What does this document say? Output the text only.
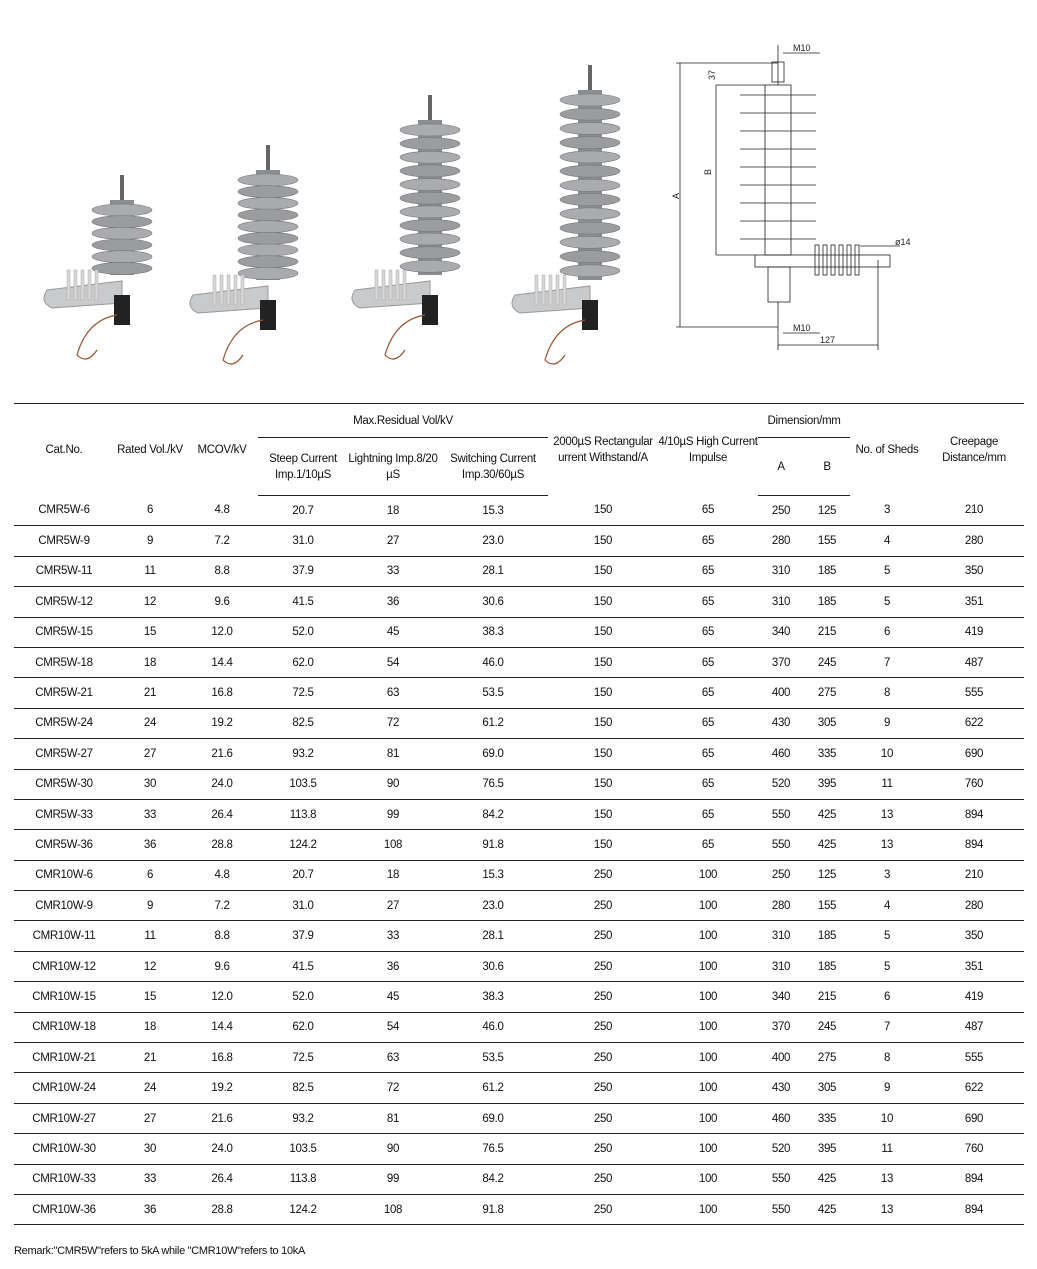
M10
37
B
A
ø14
M10
127
Cat.No.	Rated Vol./kV	MCOV/kV	Max.Residual Vol/kV			2000µS Rectangular urrent Withstand/A	4/10µS High Current Impulse	Dimension/mm		No. of Sheds	Creepage Distance/mm
			Steep Current Imp.1/10µS	Lightning Imp.8/20 µS	Switching Current Imp.30/60µS			A	B		
CMR5W-6	6	4.8	20.7	18	15.3	150	65	250	125	3	210
CMR5W-9	9	7.2	31.0	27	23.0	150	65	280	155	4	280
CMR5W-11	11	8.8	37.9	33	28.1	150	65	310	185	5	350
CMR5W-12	12	9.6	41.5	36	30.6	150	65	310	185	5	351
CMR5W-15	15	12.0	52.0	45	38.3	150	65	340	215	6	419
CMR5W-18	18	14.4	62.0	54	46.0	150	65	370	245	7	487
CMR5W-21	21	16.8	72.5	63	53.5	150	65	400	275	8	555
CMR5W-24	24	19.2	82.5	72	61.2	150	65	430	305	9	622
CMR5W-27	27	21.6	93.2	81	69.0	150	65	460	335	10	690
CMR5W-30	30	24.0	103.5	90	76.5	150	65	520	395	11	760
CMR5W-33	33	26.4	113.8	99	84.2	150	65	550	425	13	894
CMR5W-36	36	28.8	124.2	108	91.8	150	65	550	425	13	894
CMR10W-6	6	4.8	20.7	18	15.3	250	100	250	125	3	210
CMR10W-9	9	7.2	31.0	27	23.0	250	100	280	155	4	280
CMR10W-11	11	8.8	37.9	33	28.1	250	100	310	185	5	350
CMR10W-12	12	9.6	41.5	36	30.6	250	100	310	185	5	351
CMR10W-15	15	12.0	52.0	45	38.3	250	100	340	215	6	419
CMR10W-18	18	14.4	62.0	54	46.0	250	100	370	245	7	487
CMR10W-21	21	16.8	72.5	63	53.5	250	100	400	275	8	555
CMR10W-24	24	19.2	82.5	72	61.2	250	100	430	305	9	622
CMR10W-27	27	21.6	93.2	81	69.0	250	100	460	335	10	690
CMR10W-30	30	24.0	103.5	90	76.5	250	100	520	395	11	760
CMR10W-33	33	26.4	113.8	99	84.2	250	100	550	425	13	894
CMR10W-36	36	28.8	124.2	108	91.8	250	100	550	425	13	894
Remark:"CMR5W"refers to 5kA while "CMR10W"refers to 10kA
